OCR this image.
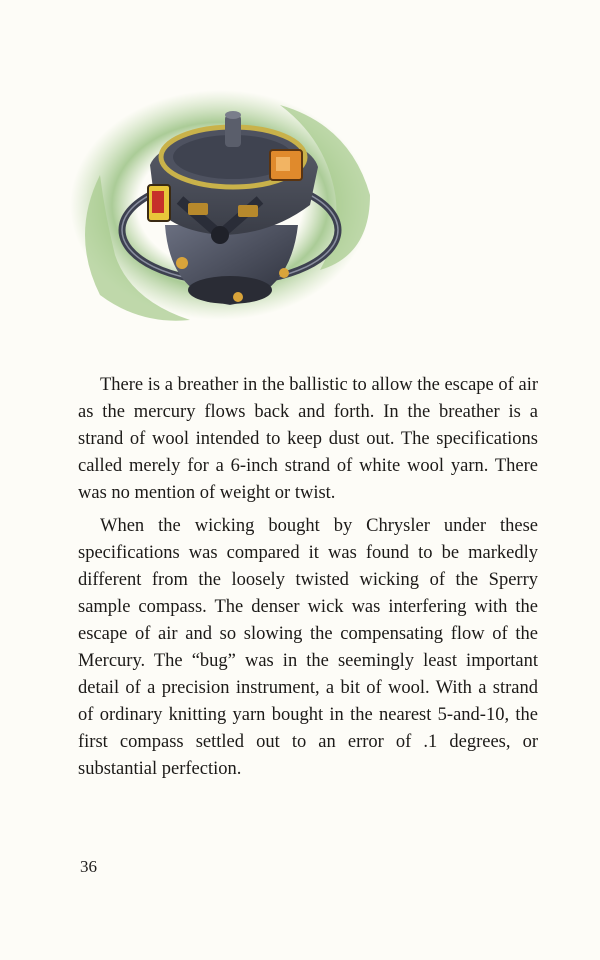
There is a breather in the ballistic to allow the escape of air as the mercury flows back and forth. In the breather is a strand of wool intended to keep dust out. The specifications called merely for a 6-inch strand of white wool yarn. There was no mention of weight or twist.

When the wicking bought by Chrysler under these specifications was compared it was found to be markedly different from the loosely twisted wicking of the Sperry sample compass. The denser wick was interfering with the escape of air and so slowing the compensating flow of the Mercury. The “bug” was in the seemingly least important detail of a precision instrument, a bit of wool. With a strand of ordinary knitting yarn bought in the nearest 5-and-10, the first compass settled out to an error of .1 degrees, or substantial perfection.

36
